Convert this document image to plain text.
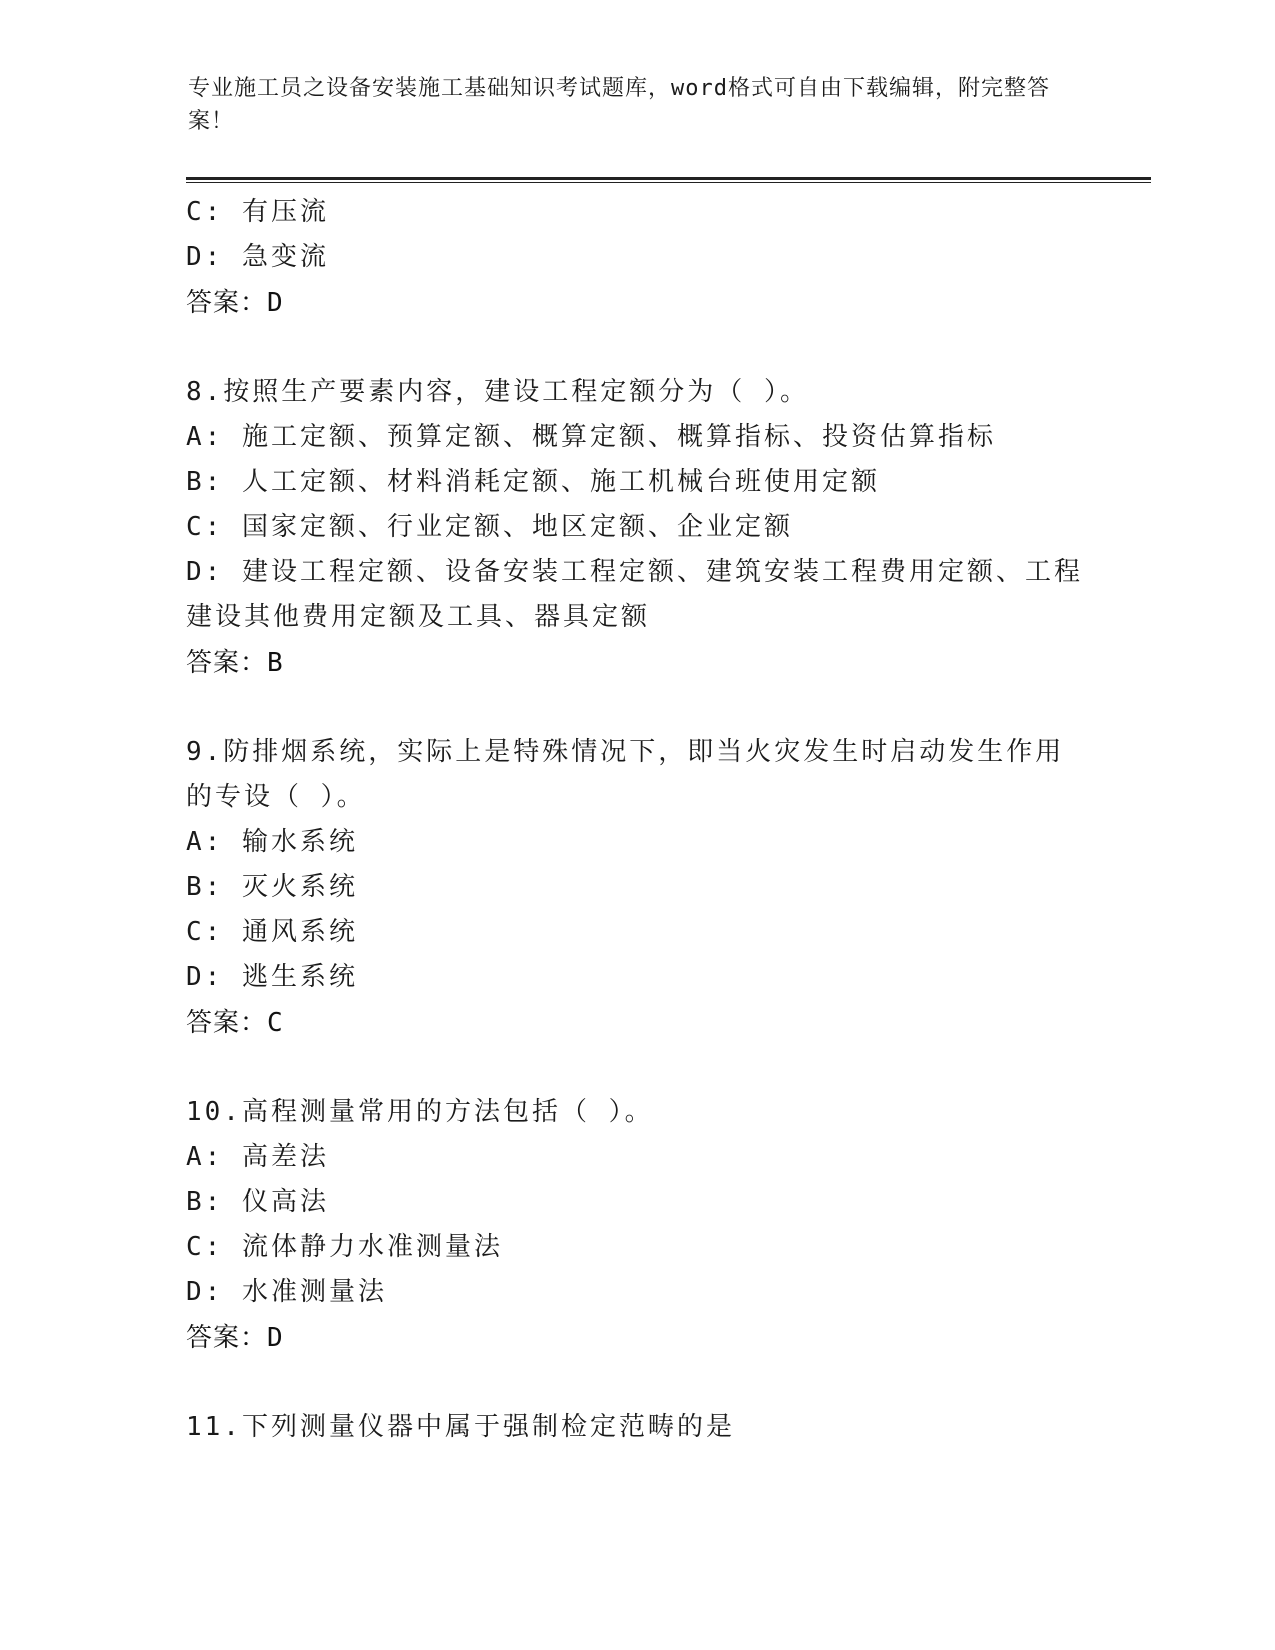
专业施工员之设备安装施工基础知识考试题库，word格式可自由下载编辑，附完整答案！
C: 有压流
D: 急变流
答案：D
8.按照生产要素内容，建设工程定额分为（ ）。
A: 施工定额、预算定额、概算定额、概算指标、投资估算指标
B: 人工定额、材料消耗定额、施工机械台班使用定额
C: 国家定额、行业定额、地区定额、企业定额
D: 建设工程定额、设备安装工程定额、建筑安装工程费用定额、工程建设其他费用定额及工具、器具定额
答案：B
9.防排烟系统，实际上是特殊情况下，即当火灾发生时启动发生作用的专设（ ）。
A: 输水系统
B: 灭火系统
C: 通风系统
D: 逃生系统
答案：C
10.高程测量常用的方法包括（ ）。
A: 高差法
B: 仪高法
C: 流体静力水准测量法
D: 水准测量法
答案：D
11.下列测量仪器中属于强制检定范畴的是
